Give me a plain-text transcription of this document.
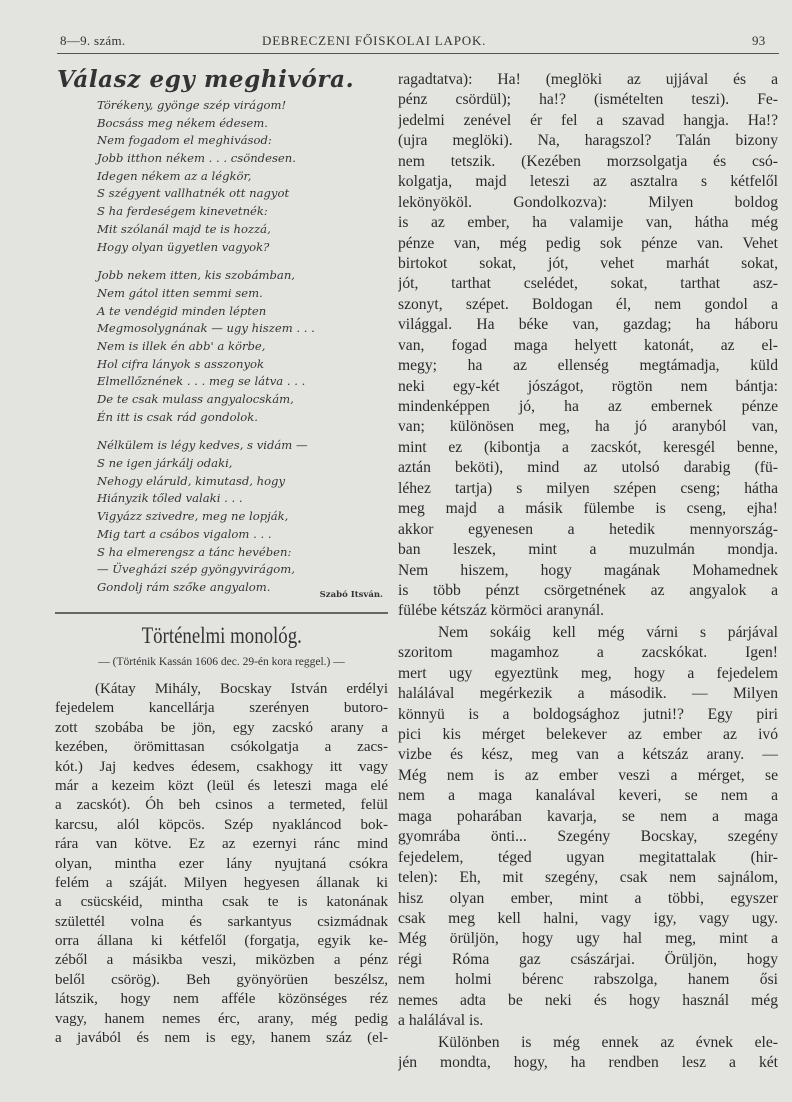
8—9. szám.	DEBRECZENI FŐISKOLAI LAPOK.	93
Válasz egy meghivóra.
Törékeny, gyönge szép virágom!
Bocsáss meg nékem édesem.
Nem fogadom el meghivásod:
Jobb itthon nékem . . . csöndesen.
Idegen nékem az a légkör,
S szégyent vallhatnék ott nagyot
S ha ferdeségem kinevetnék:
Mit szólanál majd te is hozzá,
Hogy olyan ügyetlen vagyok?
Jobb nekem itten, kis szobámban,
Nem gátol itten semmi sem.
A te vendégid minden lépten
Megmosolygnának — ugy hiszem . . .
Nem is illek én abb' a körbe,
Hol cifra lányok s asszonyok
Elmellőznének . . . meg se látva . . .
De te csak mulass angyalocskám,
Én itt is csak rád gondolok.
Nélkülem is légy kedves, s vidám —
S ne igen járkálj odaki,
Nehogy eláruld, kimutasd, hogy
Hiányzik tőled valaki . . .
Vigyázz szivedre, meg ne lopják,
Mig tart a csábos vigalom . . .
S ha elmerengsz a tánc hevében:
— Üvegházi szép gyöngyvirágom,
Gondolj rám szőke angyalom.
Szabó Itsván.
Történelmi monológ.
— (Történik Kassán 1606 dec. 29-én kora reggel.) —
(Kátay Mihály, Bocskay István erdélyi
fejedelem kancellárja szerényen butoro-
zott szobába be jön, egy zacskó arany a
kezében, örömittasan csókolgatja a zacs-
kót.) Jaj kedves édesem, csakhogy itt vagy
már a kezeim közt (leül és leteszi maga elé
a zacskót). Óh beh csinos a termeted, felül
karcsu, alól köpcös. Szép nyakláncod bok-
rára van kötve. Ez az ezernyi ránc mind
olyan, mintha ezer lány nyujtaná csókra
felém a száját. Milyen hegyesen állanak ki
a csücskéid, mintha csak te is katonának
születtél volna és sarkantyus csizmádnak
orra állana ki kétfelől (forgatja, egyik ke-
zéből a másikba veszi, miközben a pénz
belől csörög). Beh gyönyörüen beszélsz,
látszik, hogy nem afféle közönséges réz
vagy, hanem nemes érc, arany, még pedig
a javából és nem is egy, hanem száz (el-
ragadtatva): Ha! (meglöki az ujjával és a
pénz csördül); ha!? (ismételten teszi). Fe-
jedelmi zenével ér fel a szavad hangja. Ha!?
(ujra meglöki). Na, haragszol? Talán bizony
nem tetszik. (Kezében morzsolgatja és csó-
kolgatja, majd leteszi az asztalra s kétfelől
lekönyököl. Gondolkozva): Milyen boldog
is az ember, ha valamije van, hátha még
pénze van, még pedig sok pénze van. Vehet
birtokot sokat, jót, vehet marhát sokat,
jót, tarthat cselédet, sokat, tarthat asz-
szonyt, szépet. Boldogan él, nem gondol a
világgal. Ha béke van, gazdag; ha háboru
van, fogad maga helyett katonát, az el-
megy; ha az ellenség megtámadja, küld
neki egy-két jószágot, rögtön nem bántja:
mindenképpen jó, ha az embernek pénze
van; különösen meg, ha jó aranyból van,
mint ez (kibontja a zacskót, keresgél benne,
aztán beköti), mind az utolsó darabig (fü-
léhez tartja) s milyen szépen cseng; hátha
meg majd a másik fülembe is cseng, ejha!
akkor egyenesen a hetedik mennyország-
ban leszek, mint a muzulmán mondja.
Nem hiszem, hogy magának Mohamednek
is több pénzt csörgetnének az angyalok a
fülébe kétszáz körmöci aranynál.
Nem sokáig kell még várni s párjával
szoritom magamhoz a zacskókat. Igen!
mert ugy egyeztünk meg, hogy a fejedelem
halálával megérkezik a második. — Milyen
könnyü is a boldogsághoz jutni!? Egy piri
pici kis mérget belekever az ember az ivó
vizbe és kész, meg van a kétszáz arany. —
Még nem is az ember veszi a mérget, se
nem a maga kanalával keveri, se nem a
maga poharában kavarja, se nem a maga
gyomrába önti... Szegény Bocskay, szegény
fejedelem, téged ugyan megitattalak (hir-
telen): Eh, mit szegény, csak nem sajnálom,
hisz olyan ember, mint a többi, egyszer
csak meg kell halni, vagy igy, vagy ugy.
Még örüljön, hogy ugy hal meg, mint a
régi Róma gaz császárjai. Örüljön, hogy
nem holmi bérenc rabszolga, hanem ősi
nemes adta be neki és hogy használ még
a halálával is.
Különben is még ennek az évnek ele-
jén mondta, hogy, ha rendben lesz a két
